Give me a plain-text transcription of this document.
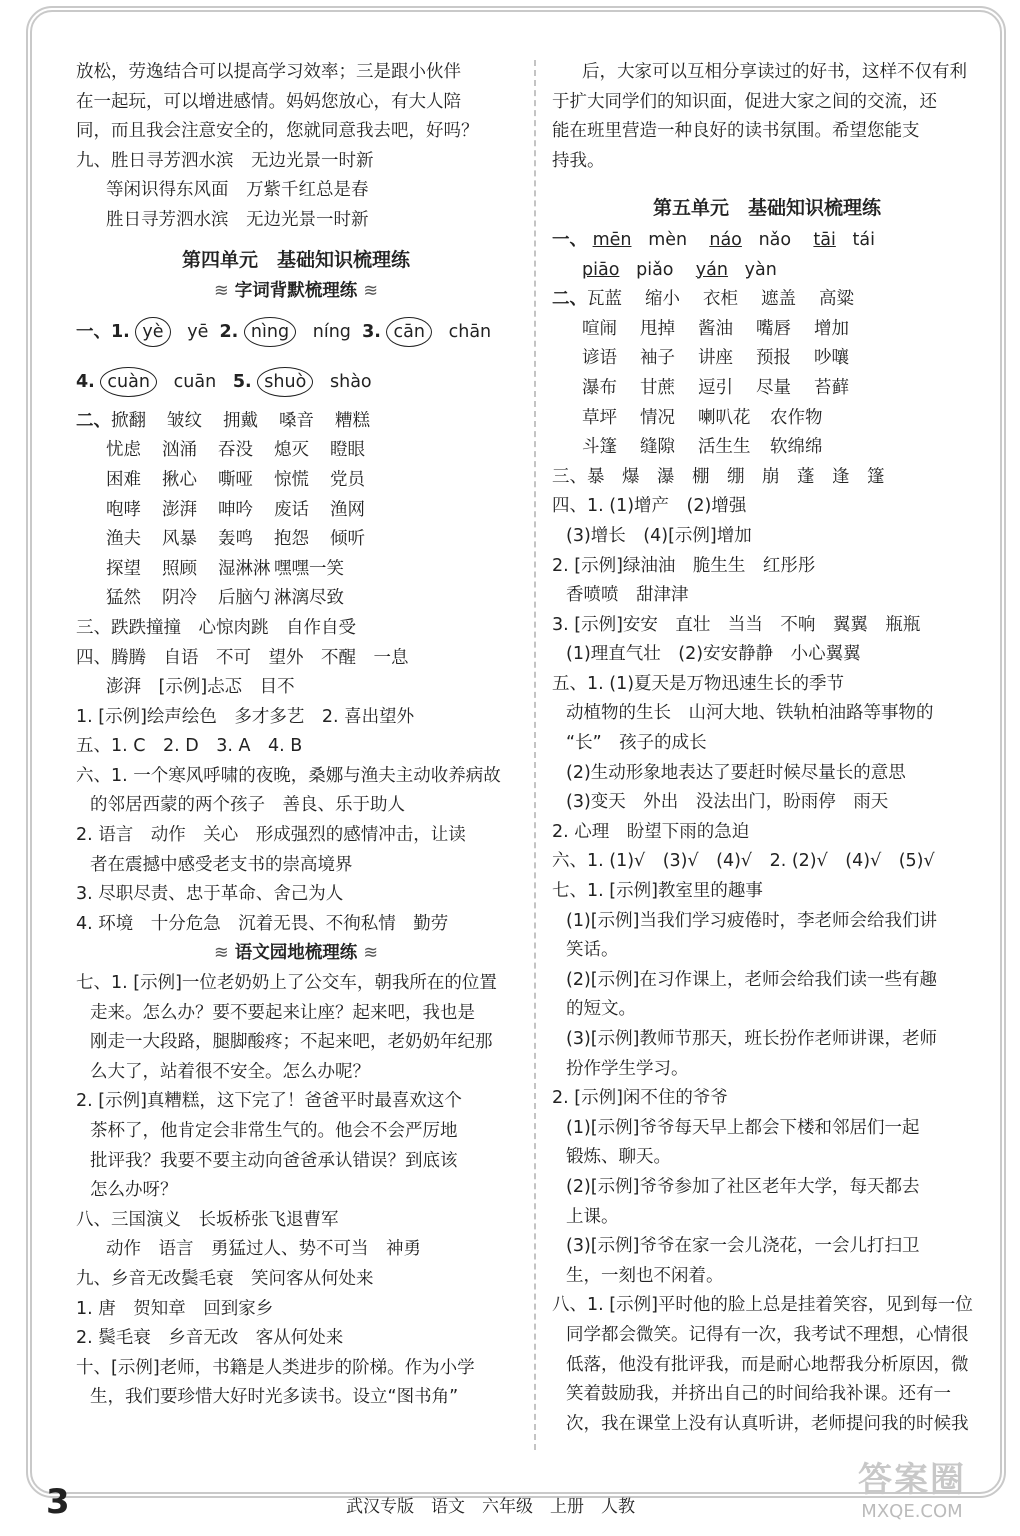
放松，劳逸结合可以提高学习效率；三是跟小伙伴
在一起玩，可以增进感情。妈妈您放心，有大人陪
同，而且我会注意安全的，您就同意我去吧，好吗？
九、胜日寻芳泗水滨　无边光景一时新
等闲识得东风面　万紫千红总是春
胜日寻芳泗水滨　无边光景一时新
第四单元　基础知识梳理练
≋ 字词背默梳理练 ≋
一、1. yè yē 2. nìng níng 3. cān chān
4. cuàn cuān 5. shuò shào
二、掀翻 皱纹 拥戴 嗓音 糟糕
忧虑 汹涌 吞没 熄灭 瞪眼
困难 揪心 嘶哑 惊慌 党员
咆哮 澎湃 呻吟 废话 渔网
渔夫 风暴 轰鸣 抱怨 倾听
探望 照顾 湿淋淋 嘿嘿一笑
猛然 阴冷 后脑勺 淋漓尽致
三、跌跌撞撞　心惊肉跳　自作自受
四、腾腾　自语　不可　望外　不醒　一息
澎湃　[示例]忐忑　目不
1. [示例]绘声绘色　多才多艺　2. 喜出望外
五、1. C　2. D　3. A　4. B
六、1. 一个寒风呼啸的夜晚，桑娜与渔夫主动收养病故
的邻居西蒙的两个孩子　善良、乐于助人
2. 语言　动作　关心　形成强烈的感情冲击，让读
者在震撼中感受老支书的崇高境界
3. 尽职尽责、忠于革命、舍己为人
4. 环境　十分危急　沉着无畏、不徇私情　勤劳
≋ 语文园地梳理练 ≋
七、1. [示例]一位老奶奶上了公交车，朝我所在的位置
走来。怎么办？要不要起来让座？起来吧，我也是
刚走一大段路，腿脚酸疼；不起来吧，老奶奶年纪那
么大了，站着很不安全。怎么办呢？
2. [示例]真糟糕，这下完了！爸爸平时最喜欢这个
茶杯了，他肯定会非常生气的。他会不会严厉地
批评我？我要不要主动向爸爸承认错误？到底该
怎么办呀？
八、三国演义　长坂桥张飞退曹军
动作　语言　勇猛过人、势不可当　神勇
九、乡音无改鬓毛衰　笑问客从何处来
1. 唐　贺知章　回到家乡
2. 鬓毛衰　乡音无改　客从何处来
十、[示例]老师，书籍是人类进步的阶梯。作为小学
生，我们要珍惜大好时光多读书。设立“图书角”
后，大家可以互相分享读过的好书，这样不仅有利
于扩大同学们的知识面，促进大家之间的交流，还
能在班里营造一种良好的读书氛围。希望您能支
持我。
第五单元　基础知识梳理练
一、 mēn mèn náo nǎo tāi tái
piāo piǎo yán yàn
二、瓦蓝 缩小 衣柜 遮盖 高粱
喧闹 甩掉 酱油 嘴唇 增加
谚语 袖子 讲座 预报 吵嚷
瀑布 甘蔗 逗引 尽量 苔藓
草坪 情况 喇叭花 农作物
斗篷 缝隙 活生生 软绵绵
三、暴　爆　瀑　棚　绷　崩　蓬　逢　篷
四、1. (1)增产　(2)增强
(3)增长　(4)[示例]增加
2. [示例]绿油油　脆生生　红彤彤
香喷喷　甜津津
3. [示例]安安　直壮　当当　不响　翼翼　瓶瓶
(1)理直气壮　(2)安安静静　小心翼翼
五、1. (1)夏天是万物迅速生长的季节
动植物的生长　山河大地、铁轨柏油路等事物的
“长”　孩子的成长
(2)生动形象地表达了要赶时候尽量长的意思
(3)变天　外出　没法出门，盼雨停　雨天
2. 心理　盼望下雨的急迫
六、1. (1)√　(3)√　(4)√　2. (2)√　(4)√　(5)√
七、1. [示例]教室里的趣事
(1)[示例]当我们学习疲倦时，李老师会给我们讲
笑话。
(2)[示例]在习作课上，老师会给我们读一些有趣
的短文。
(3)[示例]教师节那天，班长扮作老师讲课，老师
扮作学生学习。
2. [示例]闲不住的爷爷
(1)[示例]爷爷每天早上都会下楼和邻居们一起
锻炼、聊天。
(2)[示例]爷爷参加了社区老年大学，每天都去
上课。
(3)[示例]爷爷在家一会儿浇花，一会儿打扫卫
生，一刻也不闲着。
八、1. [示例]平时他的脸上总是挂着笑容，见到每一位
同学都会微笑。记得有一次，我考试不理想，心情很
低落，他没有批评我，而是耐心地帮我分析原因，微
笑着鼓励我，并挤出自己的时间给我补课。还有一
次，我在课堂上没有认真听讲，老师提问我的时候我
3	武汉专版　语文　六年级　上册　人教
答案圈
MXQE.COM
